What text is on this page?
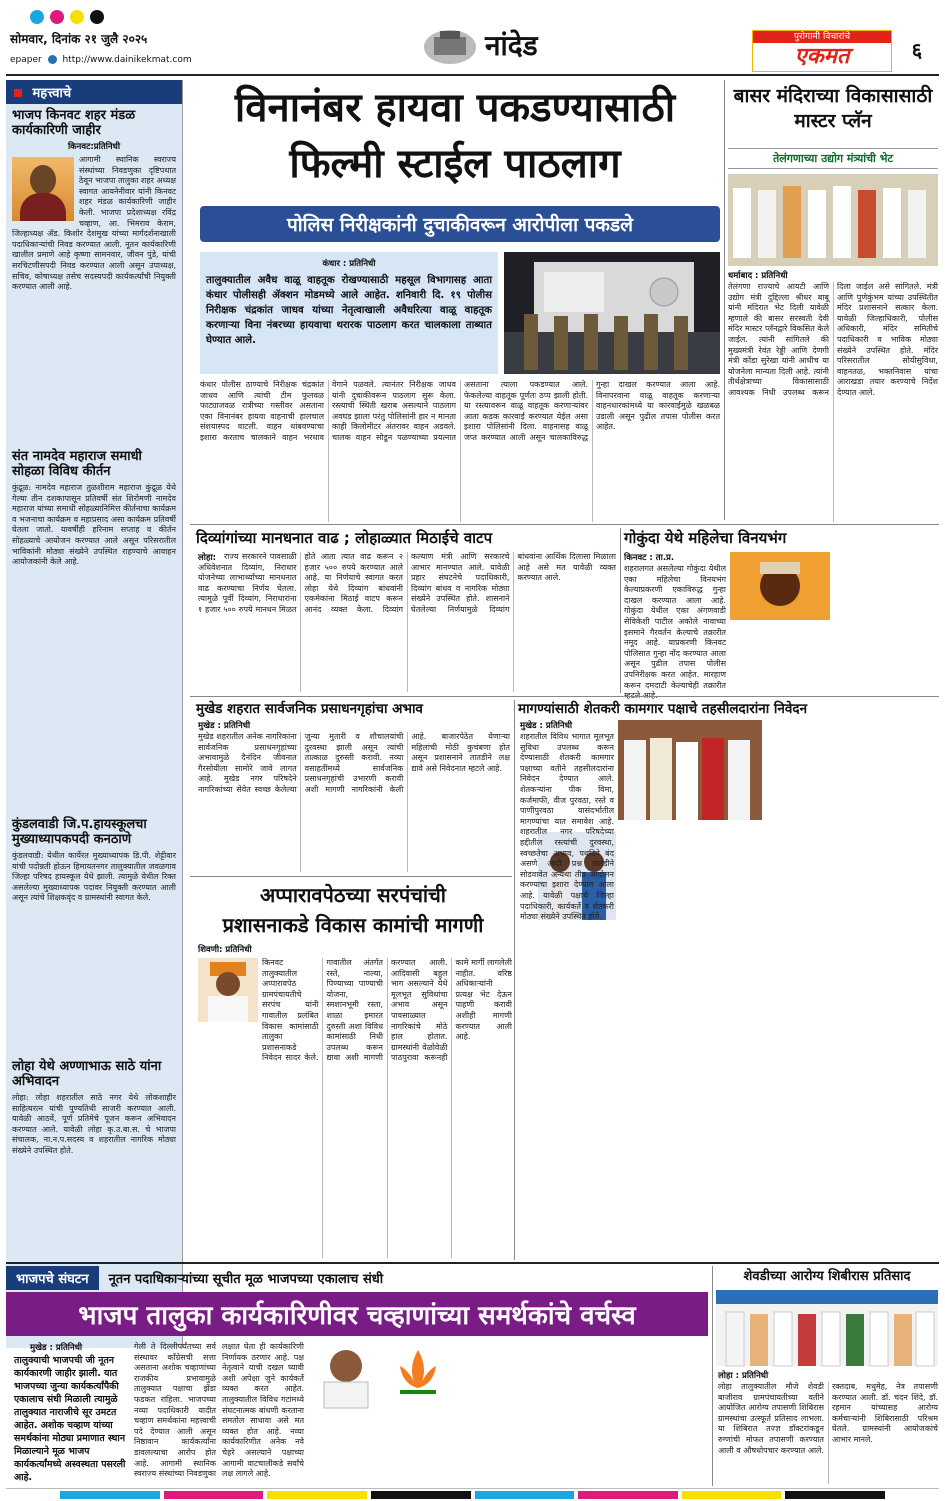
सोमवार, दिनांक २१ जुलै २०२५
epaper http://www.dainikekmat.com	नांदेड	पुरोगामी विचारांचे
एकमत	६
महत्त्वाचे
भाजप किनवट शहर मंडळ कार्यकारिणी जाहीर
किनवट:प्रतिनिधी
आगामी स्थानिक स्वराज्य संस्थांच्या निवडणुका दृष्टिपथात ठेवून भाजपा तालुका शहर अध्यक्ष स्वागत आयनेनीवार यांनी किनवट शहर मंडळ कार्यकारिणी जाहीर केली. भाजपा प्रदेशाध्यक्ष रविंद्र चव्हाण, आ. भिमराव केराम, जिल्हाध्यक्ष ॲड. किशोर देशमुख यांच्या मार्गदर्शनाखाली पदाधिकाऱ्यांची निवड करण्यात आली. नूतन कार्यकारिणी खालील प्रमाणे आहे कृष्णा सामनवार, जीवन पुंडे, यांची सरचिटणीसपदी निवड करण्यात आली असून उपाध्यक्ष, सचिव, कोषाध्यक्ष तसेच सदस्यपदी कार्यकर्त्यांची नियुक्ती करण्यात आली आहे.
संत नामदेव महाराज समाधी सोहळा विविध कीर्तन
कुंद्रूळ: नामदेव महाराज तुळशीराम महाराज कुंद्रूळ येथे गेल्या तीन दशकापासून प्रतिवर्षी संत शिरोमणी नामदेव महाराज यांच्या समाधी सोहळ्यानिमित्त कीर्तनाचा कार्यक्रम व भजनाचा कार्यक्रम व महाप्रसाद असा कार्यक्रम प्रतिवर्षी घेतला जातो. यावर्षीही हरिनाम सप्ताह व कीर्तन सोहळ्याचे आयोजन करण्यात आले असून परिसरातील भाविकांनी मोठ्या संख्येने उपस्थित राहण्याचे आवाहन आयोजकांनी केले आहे.
कुंडलवाडी जि.प.हायस्कूलचा मुख्याध्यापकपदी कनठाणे
कुंडलवाडी: येथील कार्येरत मुख्याध्यापक डि.पी. शेट्टीवार यांची पदोन्नती होऊन हिमायतनगर तालुक्यातील जवळगाव जिल्हा परिषद हायस्कूल येथे झाली. त्यामुळे येथील रिक्त असलेल्या मुख्याध्यापक पदावर नियुक्ती करण्यात आली असून त्यांचे शिक्षकवृंद व ग्रामस्थांनी स्वागत केले.
लोहा येथे अण्णाभाऊ साठे यांना अभिवादन
लोहा: लोहा शहरातील साठे नगर येथे लोकशाहीर साहित्यरत्न यांची पुण्यतिथी साजरी करण्यात आली. यावेळी आठवें, पूर्ण प्रतिमेचे पूजन करून अभिवादन करण्यात आले. यावेळी लोहा कृ.उ.बा.स. चे भाजपा संचालक, ना.न.प.सदस्य व शहरातील नागरिक मोठ्या संख्येने उपस्थित होते.
विनानंबर हायवा पकडण्यासाठी
फिल्मी स्टाईल पाठलाग
पोलिस निरीक्षकांनी दुचाकीवरून आरोपीला पकडले
कंधार : प्रतिनिधी
तालुक्यातील अवैध वाळू वाहतूक रोखण्यासाठी महसूल विभागासह आता कंधार पोलीसही ॲक्शन मोडमध्ये आले आहेत. शनिवारी दि. १९ पोलीस निरीक्षक चंद्रकांत जाधव यांच्या नेतृत्वाखाली अवैधरित्या वाळू वाहतूक करणाऱ्या विना नंबरच्या हायवाचा थरारक पाठलाग करत चालकाला ताब्यात घेण्यात आले.
कंधार पोलीस ठाण्याचे निरीक्षक चंद्रकांत जाधव आणि त्यांची टीम फुलवळ फाट्याजवळ रात्रीच्या गस्तीवर असताना एका विनानंबर हायवा वाहनाची हालचाल संशयास्पद वाटली. वाहन थांबवण्याचा इशारा करताच चालकाने वाहन भरधाव वेगाने पळवले. त्यानंतर निरीक्षक जाधव यांनी दुचाकीवरून पाठलाग सुरू केला. रस्त्याची स्थिती खराब असल्याने पाठलाग अवघड झाला परंतु पोलिसांनी हार न मानता काही किलोमीटर अंतरावर वाहन अडवले. चालक वाहन सोडून पळण्याच्या प्रयत्नात असताना त्याला पकडण्यात आले. फेकलेल्या वाहतूक पूर्णतः ठप्प झाली होती. या रस्त्यावरून वाळू वाहतूक करणाऱ्यांवर आता कडक कारवाई करण्यात येईल असा इशारा पोलिसांनी दिला. वाहनासह वाळू जप्त करण्यात आली असून चालकाविरुद्ध गुन्हा दाखल करण्यात आला आहे. विनापरवाना वाळू वाहतूक करणाऱ्या वाहनधारकांमध्ये या कारवाईमुळे खळबळ उडाली असून पुढील तपास पोलीस करत आहेत.
बासर मंदिराच्या विकासासाठी मास्टर प्लॅन
तेलंगणाच्या उद्योग मंत्र्यांची भेट
धर्माबाद : प्रतिनिधी
तेलंगणा राज्याचे आयटी आणि उद्योग मंत्री दुद्दिल्ला श्रीधर बाबू यांनी मंदिरात भेट दिली यावेळी म्हणाले की बासर सरस्वती देवी मंदिर मास्टर प्लॅनद्वारे विकसित केले जाईल. त्यांनी सांगितले की मुख्यमंत्री रेवंत रेड्डी आणि देणगी मंत्री कोंडा सुरेखा यांनी आधीच या योजनेला मान्यता दिली आहे. त्यांनी तीर्थक्षेत्राच्या विकासासाठी आवश्यक निधी उपलब्ध करून दिला जाईल असे सांगितले. मंत्री आणि पुणेकुंभम यांच्या उपस्थितीत मंदिर प्रशासनाने सत्कार केला. यावेळी जिल्हाधिकारी, पोलीस अधिकारी, मंदिर समितीचे पदाधिकारी व भाविक मोठ्या संख्येने उपस्थित होते. मंदिर परिसरातील सोयीसुविधा, वाहनतळ, भक्तनिवास यांचा आराखडा तयार करण्याचे निर्देश देण्यात आले.
दिव्यांगांच्या मानधनात वाढ ; लोहाळ्यात मिठाईचे वाटप
लोहा: राज्य सरकारने पावसाळी अधिवेशनात दिव्यांग, निराधार योजनेच्या लाभार्थ्यांच्या मानधनात वाढ करण्याचा निर्णय घेतला. त्यामुळे पूर्वी दिव्यांग, निराधारांना १ हजार ५०० रुपये मानधन मिळत होते आता त्यात वाढ करून २ हजार ५०० रुपये करण्यात आले आहे. या निर्णयाचे स्वागत करत लोहा येथे दिव्यांग बांधवांनी एकमेकांना मिठाई वाटप करून आनंद व्यक्त केला. दिव्यांग कल्याण मंत्री आणि सरकारचे आभार मानण्यात आले. यावेळी प्रहार संघटनेचे पदाधिकारी, दिव्यांग बांधव व नागरिक मोठ्या संख्येने उपस्थित होते. शासनाने घेतलेल्या निर्णयामुळे दिव्यांग बांधवांना आर्थिक दिलासा मिळाला आहे असे मत यावेळी व्यक्त करण्यात आले.
गोकुंदा येथे महिलेचा विनयभंग
किनवट : ता.प्र.
शहरालगत असलेल्या गोकुंदा येथील एका महिलेचा विनयभंग केल्याप्रकरणी एकाविरुद्ध गुन्हा दाखल करण्यात आला आहे. गोकुंदा येथील एका अंगणवाडी सेविकेशी पाटील अकोले नावाच्या इसमाने गैरवर्तन केल्याचे तक्रारीत नमूद आहे. याप्रकरणी किनवट पोलिसात गुन्हा नोंद करण्यात आला असून पुढील तपास पोलीस उपनिरीक्षक करत आहेत. मारहाण करून दमदाटी केल्याचेही तक्रारीत
मुखेड शहरात सार्वजनिक प्रसाधनगृहांचा अभाव
मुखेड : प्रतिनिधी
मुखेड शहरातील अनेक नागरिकांना सार्वजनिक प्रसाधनगृहांच्या अभावामुळे दैनंदिन जीवनात गैरसोयीला सामोरे जावे लागत आहे. मुखेड नगर परिषदेने नागरिकांच्या सेवेत स्वच्छ केलेल्या जुन्या मुतारी व शौचालयांची दुरवस्था झाली असून त्यांची तात्काळ दुरुस्ती करावी. नव्या वसाहतींमध्ये सार्वजनिक प्रसाधनगृहांची उभारणी करावी अशी मागणी नागरिकांनी केली आहे. बाजारपेठेत येणाऱ्या महिलांची मोठी कुचंबणा होत असून प्रशासनाने तातडीने लक्ष द्यावे असे निवेदनात म्हटले आहे.
मागण्यांसाठी शेतकरी कामगार पक्षाचे तहसीलदारांना निवेदन
मुखेड : प्रतिनिधी
शहरातील विविध भागात मूलभूत सुविधा उपलब्ध करून देण्यासाठी शेतकरी कामगार पक्षाच्या वतीने तहसीलदारांना निवेदन देण्यात आले. शेतकऱ्यांना पीक विमा, कर्जमाफी, वीज पुरवठा, रस्ते व पाणीपुरवठा यासंदर्भातील मागण्यांचा यात समावेश आहे. शहरातील नगर परिषदेच्या हद्दीतील रस्त्यांची दुरवस्था, स्वच्छतेचा अभाव, पथदिवे बंद असणे आदी प्रश्न तातडीने सोडवावेत अन्यथा तीव्र आंदोलन करण्याचा इशारा देण्यात आला आहे. यावेळी पक्षाचे जिल्हा पदाधिकारी, कार्यकर्ते व शेतकरी मोठ्या संख्येने उपस्थित होते.
अप्पारावपेठच्या सरपंचांची
प्रशासनाकडे विकास कामांची मागणी
शिवणी: प्रतिनिधी
किनवट तालुक्यातील अप्पारावपेठ ग्रामपंचायतीचे सरपंच यांनी गावातील प्रलंबित विकास कामांसाठी तालुका प्रशासनाकडे निवेदन सादर केले. गावातील अंतर्गत रस्ते, नाल्या, पिण्याच्या पाण्याची योजना, स्मशानभूमी रस्ता, शाळा इमारत दुरुस्ती अशा विविध कामांसाठी निधी उपलब्ध करून द्यावा अशी मागणी करण्यात आली. आदिवासी बहुल भाग असल्याने येथे मूलभूत सुविधांचा अभाव असून पावसाळ्यात नागरिकांचे मोठे हाल होतात. ग्रामस्थांनी वेळोवेळी पाठपुरावा करूनही कामे मार्गी लागलेली नाहीत. वरिष्ठ अधिकाऱ्यांनी प्रत्यक्ष भेट देऊन पाहणी करावी अशीही मागणी करण्यात आली आहे.
भाजपचे संघटन	नूतन पदाधिकाऱ्यांच्या सूचीत मूळ भाजपच्या एकालाच संधी
भाजप तालुका कार्यकारिणीवर चव्हाणांच्या समर्थकांचे वर्चस्व
मुखेड : प्रतिनिधी
तालुक्याची भाजपची जी नूतन कार्यकारणी जाहीर झाली. यात भाजपच्या जुन्या कार्यकर्त्यांपैकी एकालाच संधी मिळाली त्यामुळे तालुक्यात नाराजीचे सूर उमटत आहेत. अशोक चव्हाण यांच्या समर्थकांना मोठ्या प्रमाणात स्थान मिळाल्याने मूळ भाजप कार्यकर्त्यांमध्ये अस्वस्थता पसरली आहे.
गेली ते दिल्लीपर्यंतच्या सर्व संस्थावर कॉंग्रेसची सत्ता असताना अशोक चव्हाणांच्या राजकीय प्रभावामुळे तालुक्यात पक्षाचा झेंडा फडकत राहिला. भाजपच्या नव्या पदाधिकारी यादीत चव्हाण समर्थकांना महत्त्वाची पदे देण्यात आली असून निष्ठावान कार्यकर्त्यांना डावलल्याचा आरोप होत आहे. आगामी स्थानिक स्वराज्य संस्थांच्या निवडणुका लक्षात घेता ही कार्यकारिणी निर्णायक ठरणार आहे. पक्ष नेतृत्वाने याची दखल घ्यावी अशी अपेक्षा जुने कार्यकर्ते व्यक्त करत आहेत. तालुक्यातील विविध गटांमध्ये संघटनात्मक बांधणी करताना समतोल साधावा असे मत व्यक्त होत आहे. नव्या कार्यकारिणीत अनेक नवे चेहरे असल्याने पक्षाच्या आगामी वाटचालीकडे सर्वांचे लक्ष लागले आहे.
शेवडीच्या आरोग्य शिबीरास प्रतिसाद
लोहा : प्रतिनिधी
लोहा तालुक्यातील मौजे शेवडी बाजीराव ग्रामपंचायतीच्या वतीने आयोजित आरोग्य तपासणी शिबिरास ग्रामस्थांचा उत्स्फूर्त प्रतिसाद लाभला. या शिबिरात तज्ज्ञ डॉक्टरांकडून रुग्णांची मोफत तपासणी करण्यात आली व औषधोपचार करण्यात आले. रक्तदाब, मधुमेह, नेत्र तपासणी करण्यात आली. डॉ. चंदन शिंदे, डॉ. रहमान यांच्यासह आरोग्य कर्मचाऱ्यांनी शिबिरासाठी परिश्रम घेतले. ग्रामस्थांनी आयोजकांचे आभार मानले.
